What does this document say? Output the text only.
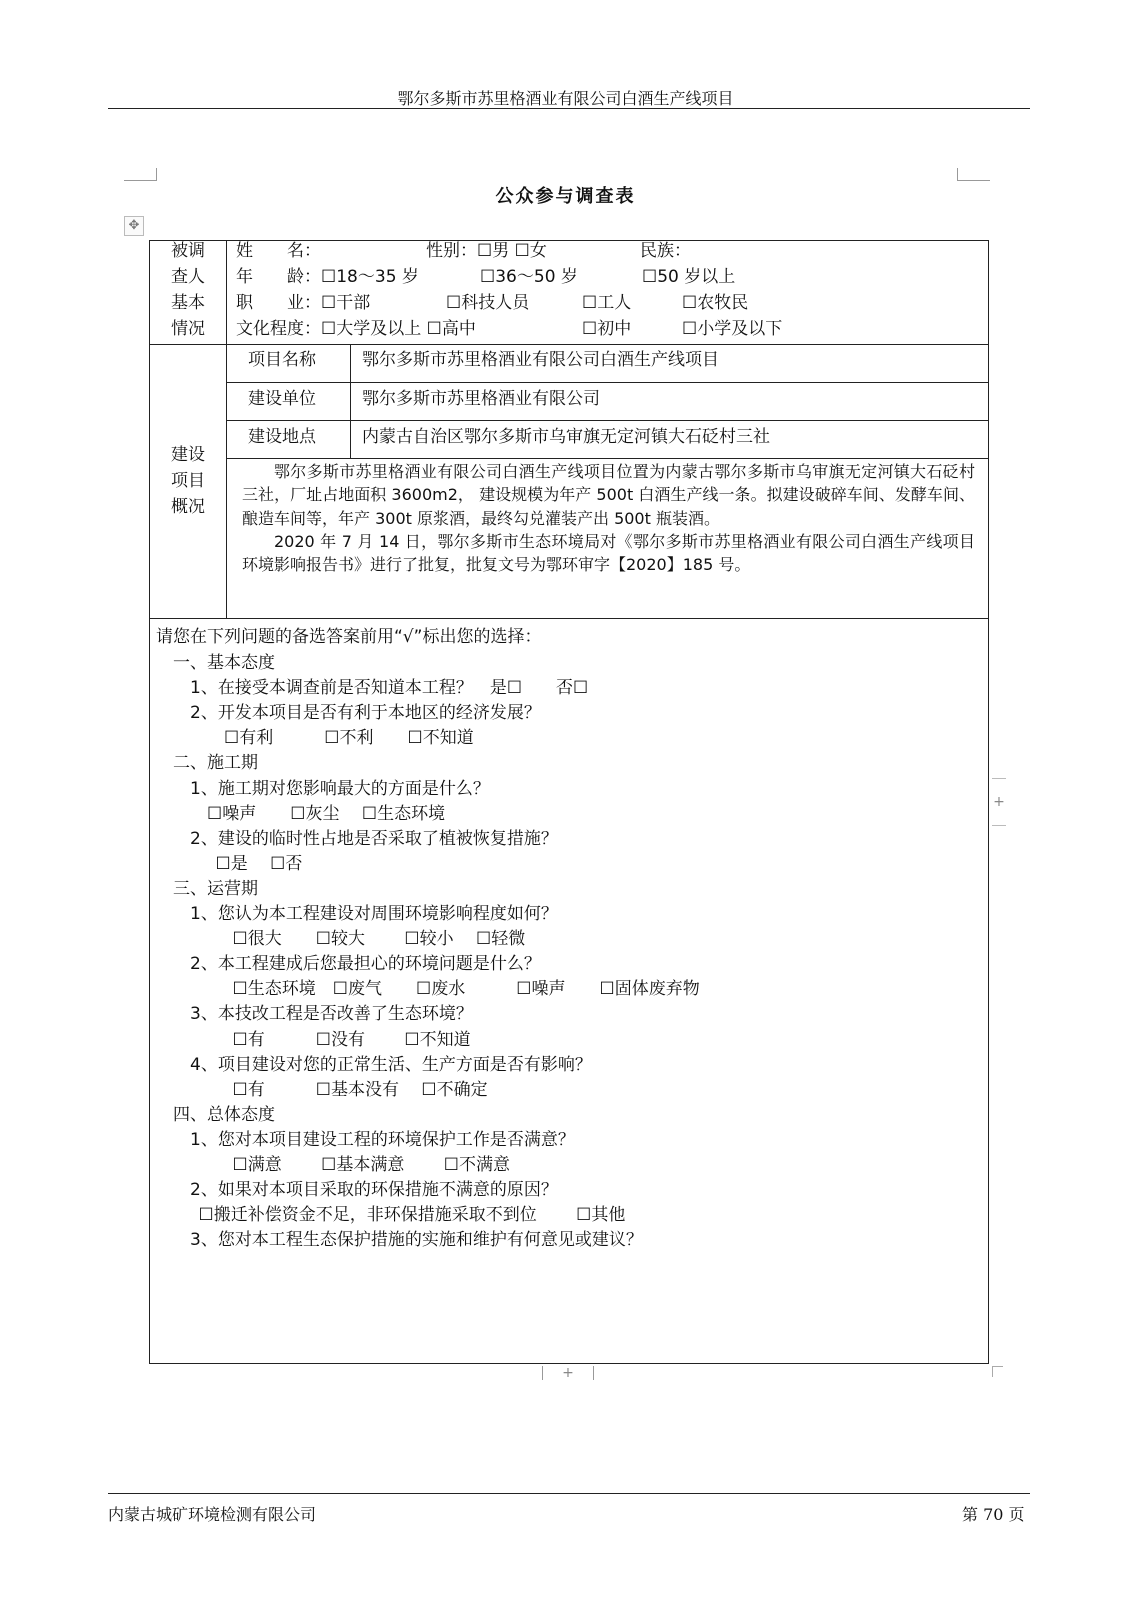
鄂尔多斯市苏里格酒业有限公司白酒生产线项目
公众参与调查表
✥
被调
查人
基本
情况
姓　　名：	性别：☐男 ☐女	民族：
年　　龄：☐18～35 岁	☐36～50 岁	☐50 岁以上
职　　业：☐干部	☐科技人员	☐工人	☐农牧民
文化程度：☐大学及以上 ☐高中	☐初中	☐小学及以下
建设
项目
概况
项目名称	鄂尔多斯市苏里格酒业有限公司白酒生产线项目
建设单位	鄂尔多斯市苏里格酒业有限公司
建设地点	内蒙古自治区鄂尔多斯市乌审旗无定河镇大石砭村三社

鄂尔多斯市苏里格酒业有限公司白酒生产线项目位置为内蒙古鄂尔多斯市乌审旗无定河镇大石砭村三社，厂址占地面积 3600m2， 建设规模为年产 500t 白酒生产线一条。拟建设破碎车间、发酵车间、酿造车间等，年产 300t 原浆酒，最终勾兑灌装产出 500t 瓶装酒。

2020 年 7 月 14 日，鄂尔多斯市生态环境局对《鄂尔多斯市苏里格酒业有限公司白酒生产线项目环境影响报告书》进行了批复，批复文号为鄂环审字【2020】185 号。

请您在下列问题的备选答案前用“√”标出您的选择：
一、基本态度
1、在接受本调查前是否知道本工程？　是☐　　否☐
2、开发本项目是否有利于本地区的经济发展？
☐有利　　　☐不利　　☐不知道
二、施工期
1、施工期对您影响最大的方面是什么？
☐噪声　　☐灰尘　 ☐生态环境
2、建设的临时性占地是否采取了植被恢复措施？
☐是　 ☐否
三、运营期
1、您认为本工程建设对周围环境影响程度如何？
☐很大　　☐较大　　 ☐较小　 ☐轻微
2、本工程建成后您最担心的环境问题是什么？
☐生态环境　☐废气　　☐废水　　　☐噪声　　☐固体废弃物
3、本技改工程是否改善了生态环境？
☐有　　　☐没有　　 ☐不知道
4、项目建设对您的正常生活、生产方面是否有影响？
☐有　　　☐基本没有　 ☐不确定
四、总体态度
1、您对本项目建设工程的环境保护工作是否满意？
☐满意　　 ☐基本满意　　 ☐不满意
2、如果对本项目采取的环保措施不满意的原因？
☐搬迁补偿资金不足，非环保措施采取不到位　　 ☐其他
3、您对本工程生态保护措施的实施和维护有何意见或建议？
+
+
内蒙古城矿环境检测有限公司	第 70 页
